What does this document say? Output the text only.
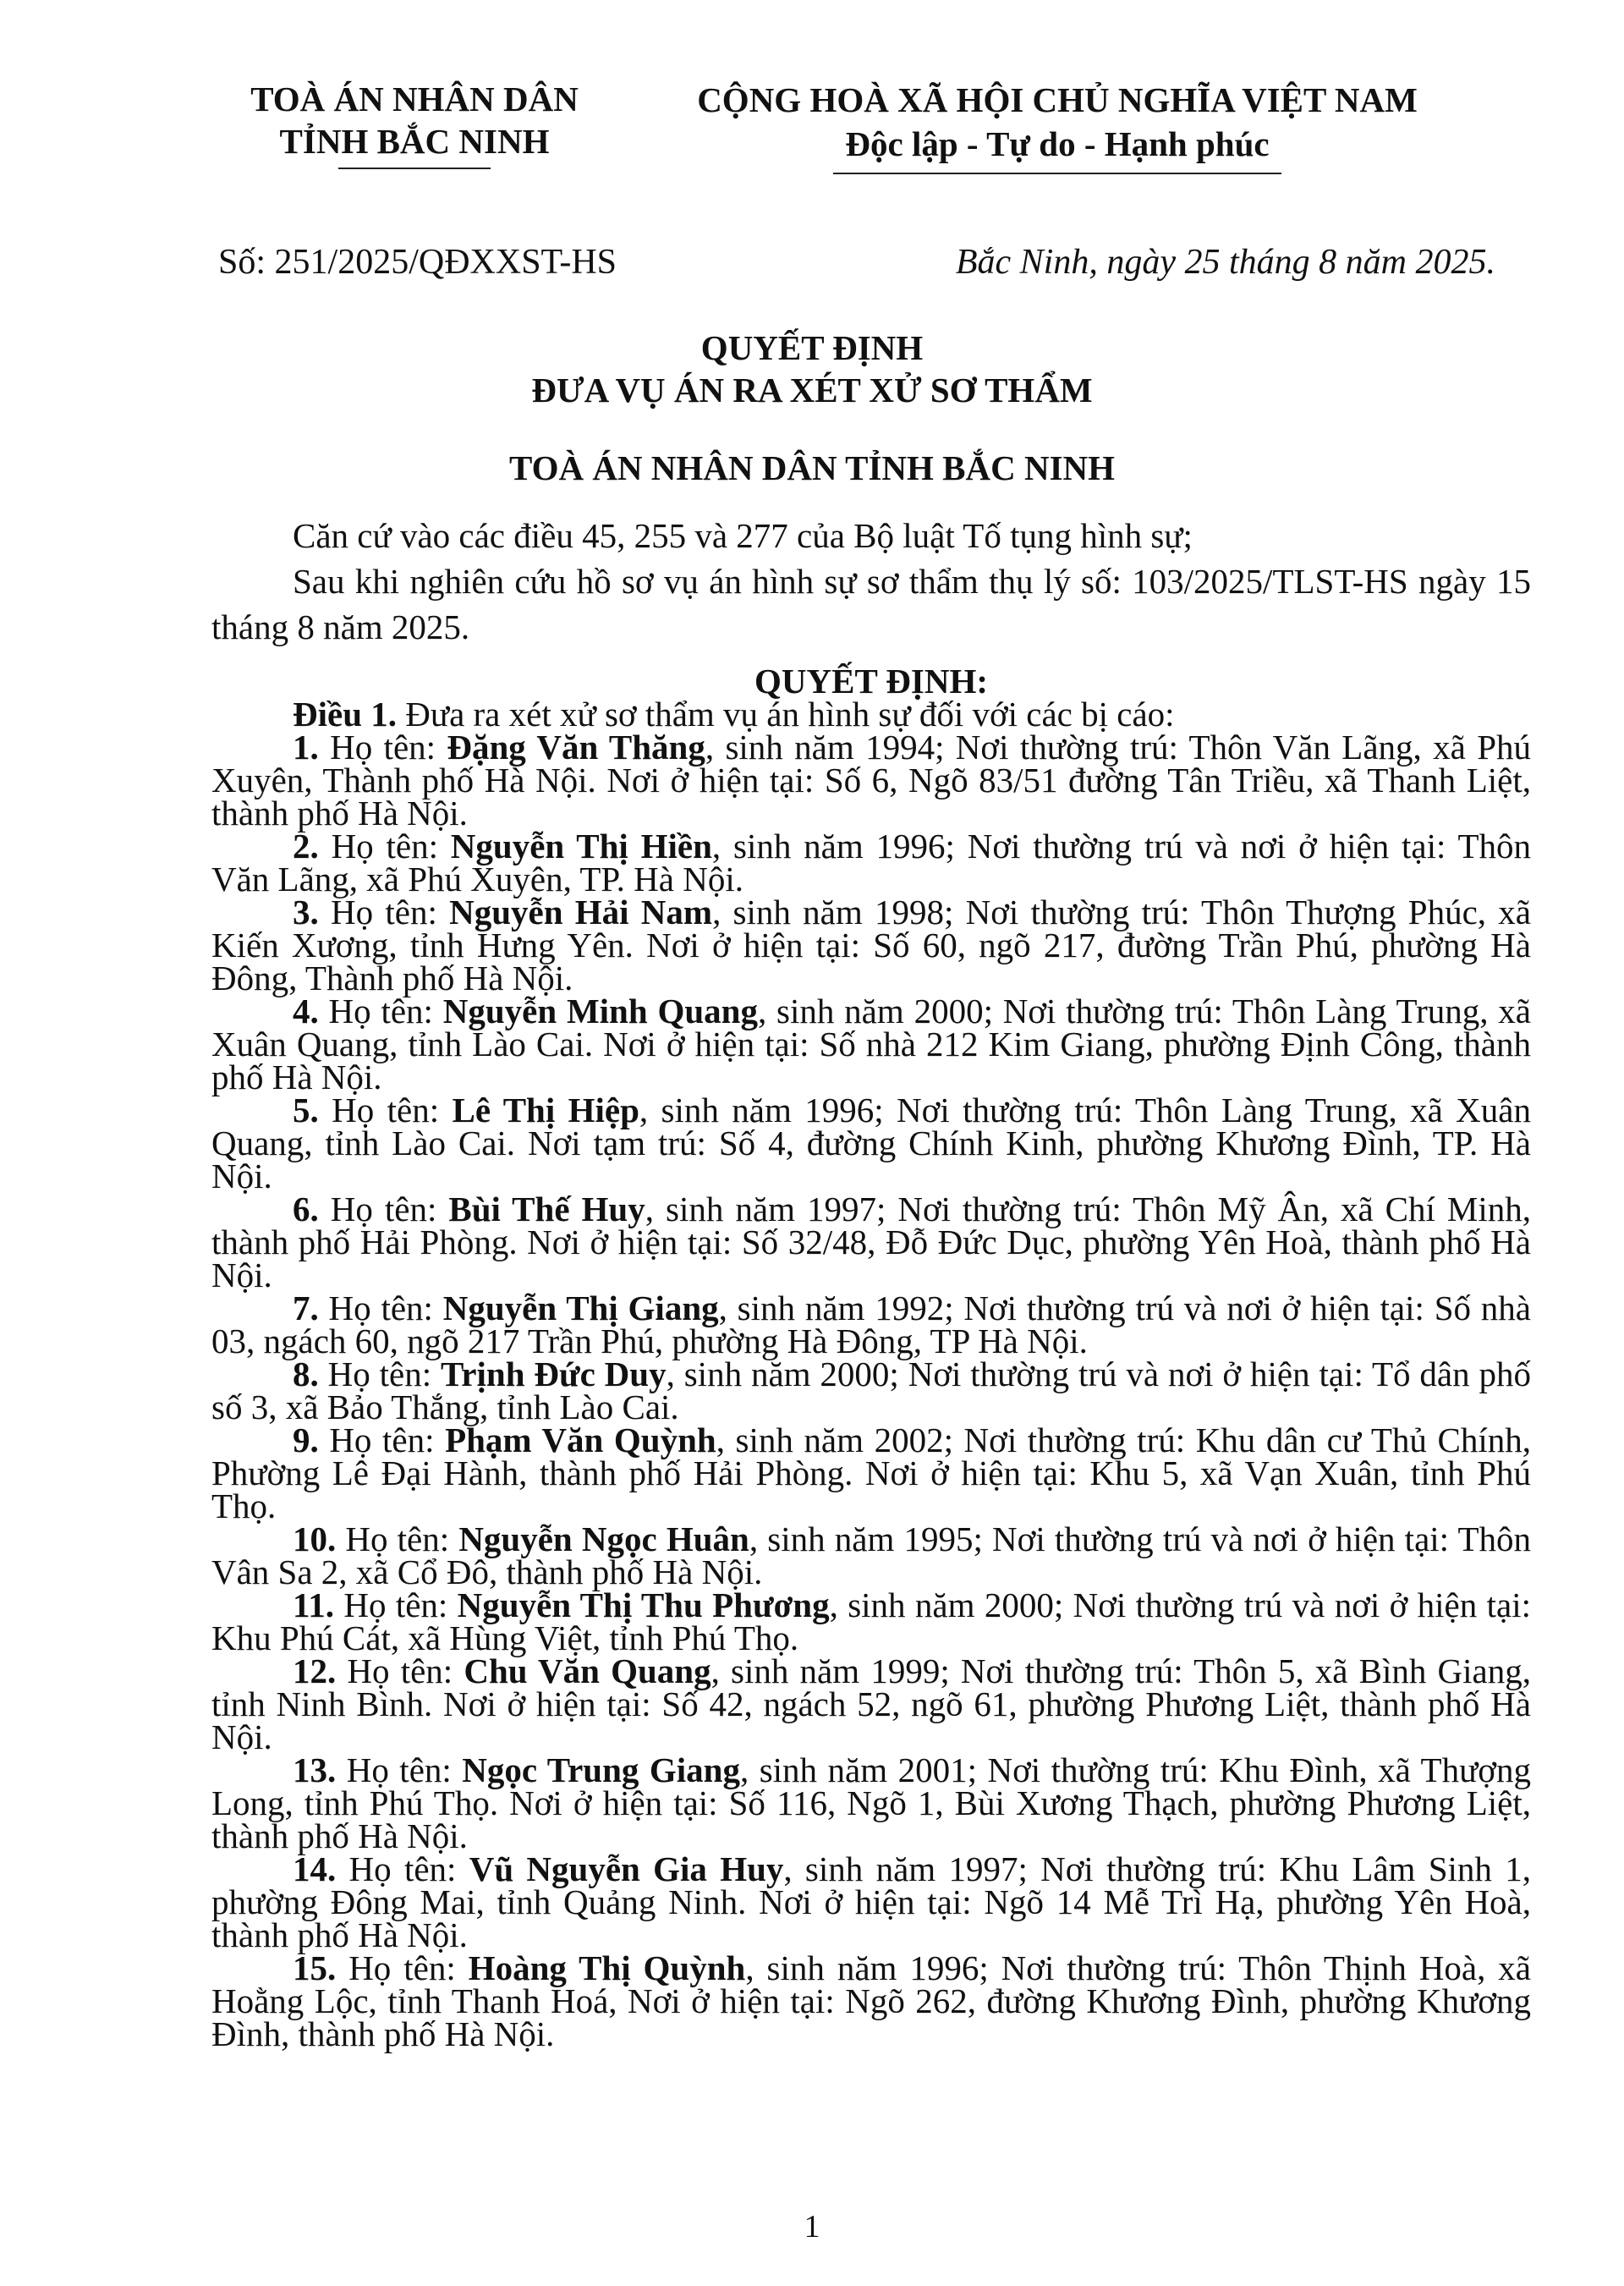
TOÀ ÁN NHÂN DÂN
TỈNH BẮC NINH
CỘNG HOÀ XÃ HỘI CHỦ NGHĨA VIỆT NAM
Độc lập - Tự do - Hạnh phúc
Số: 251/2025/QĐXXST-HS	Bắc Ninh, ngày 25 tháng 8 năm 2025.
QUYẾT ĐỊNH
ĐƯA VỤ ÁN RA XÉT XỬ SƠ THẨM
TOÀ ÁN NHÂN DÂN TỈNH BẮC NINH

Căn cứ vào các điều 45, 255 và 277 của Bộ luật Tố tụng hình sự;

Sau khi nghiên cứu hồ sơ vụ án hình sự sơ thẩm thụ lý số: 103/2025/TLST-HS ngày 15 tháng 8 năm 2025.

QUYẾT ĐỊNH:

Điều 1. Đưa ra xét xử sơ thẩm vụ án hình sự đối với các bị cáo:

1. Họ tên: Đặng Văn Thăng, sinh năm 1994; Nơi thường trú: Thôn Văn Lãng, xã Phú Xuyên, Thành phố Hà Nội. Nơi ở hiện tại: Số 6, Ngõ 83/51 đường Tân Triều, xã Thanh Liệt, thành phố Hà Nội.

2. Họ tên: Nguyễn Thị Hiền, sinh năm 1996; Nơi thường trú và nơi ở hiện tại: Thôn Văn Lãng, xã Phú Xuyên, TP. Hà Nội.

3. Họ tên: Nguyễn Hải Nam, sinh năm 1998; Nơi thường trú: Thôn Thượng Phúc, xã Kiến Xương, tỉnh Hưng Yên. Nơi ở hiện tại: Số 60, ngõ 217, đường Trần Phú, phường Hà Đông, Thành phố Hà Nội.

4. Họ tên: Nguyễn Minh Quang, sinh năm 2000; Nơi thường trú: Thôn Làng Trung, xã Xuân Quang, tỉnh Lào Cai. Nơi ở hiện tại: Số nhà 212 Kim Giang, phường Định Công, thành phố Hà Nội.

5. Họ tên: Lê Thị Hiệp, sinh năm 1996; Nơi thường trú: Thôn Làng Trung, xã Xuân Quang, tỉnh Lào Cai. Nơi tạm trú: Số 4, đường Chính Kinh, phường Khương Đình, TP. Hà Nội.

6. Họ tên: Bùi Thế Huy, sinh năm 1997; Nơi thường trú: Thôn Mỹ Ân, xã Chí Minh, thành phố Hải Phòng. Nơi ở hiện tại: Số 32/48, Đỗ Đức Dục, phường Yên Hoà, thành phố Hà Nội.

7. Họ tên: Nguyễn Thị Giang, sinh năm 1992; Nơi thường trú và nơi ở hiện tại: Số nhà 03, ngách 60, ngõ 217 Trần Phú, phường Hà Đông, TP Hà Nội.

8. Họ tên: Trịnh Đức Duy, sinh năm 2000; Nơi thường trú và nơi ở hiện tại: Tổ dân phố số 3, xã Bảo Thắng, tỉnh Lào Cai.

9. Họ tên: Phạm Văn Quỳnh, sinh năm 2002; Nơi thường trú: Khu dân cư Thủ Chính, Phường Lê Đại Hành, thành phố Hải Phòng. Nơi ở hiện tại: Khu 5, xã Vạn Xuân, tỉnh Phú Thọ.

10. Họ tên: Nguyễn Ngọc Huân, sinh năm 1995; Nơi thường trú và nơi ở hiện tại: Thôn Vân Sa 2, xã Cổ Đô, thành phố Hà Nội.

11. Họ tên: Nguyễn Thị Thu Phương, sinh năm 2000; Nơi thường trú và nơi ở hiện tại: Khu Phú Cát, xã Hùng Việt, tỉnh Phú Thọ.

12. Họ tên: Chu Văn Quang, sinh năm 1999; Nơi thường trú: Thôn 5, xã Bình Giang, tỉnh Ninh Bình. Nơi ở hiện tại: Số 42, ngách 52, ngõ 61, phường Phương Liệt, thành phố Hà Nội.

13. Họ tên: Ngọc Trung Giang, sinh năm 2001; Nơi thường trú: Khu Đình, xã Thượng Long, tỉnh Phú Thọ. Nơi ở hiện tại: Số 116, Ngõ 1, Bùi Xương Thạch, phường Phương Liệt, thành phố Hà Nội.

14. Họ tên: Vũ Nguyễn Gia Huy, sinh năm 1997; Nơi thường trú: Khu Lâm Sinh 1, phường Đông Mai, tỉnh Quảng Ninh. Nơi ở hiện tại: Ngõ 14 Mễ Trì Hạ, phường Yên Hoà, thành phố Hà Nội.

15. Họ tên: Hoàng Thị Quỳnh, sinh năm 1996; Nơi thường trú: Thôn Thịnh Hoà, xã Hoằng Lộc, tỉnh Thanh Hoá, Nơi ở hiện tại: Ngõ 262, đường Khương Đình, phường Khương Đình, thành phố Hà Nội.

1
